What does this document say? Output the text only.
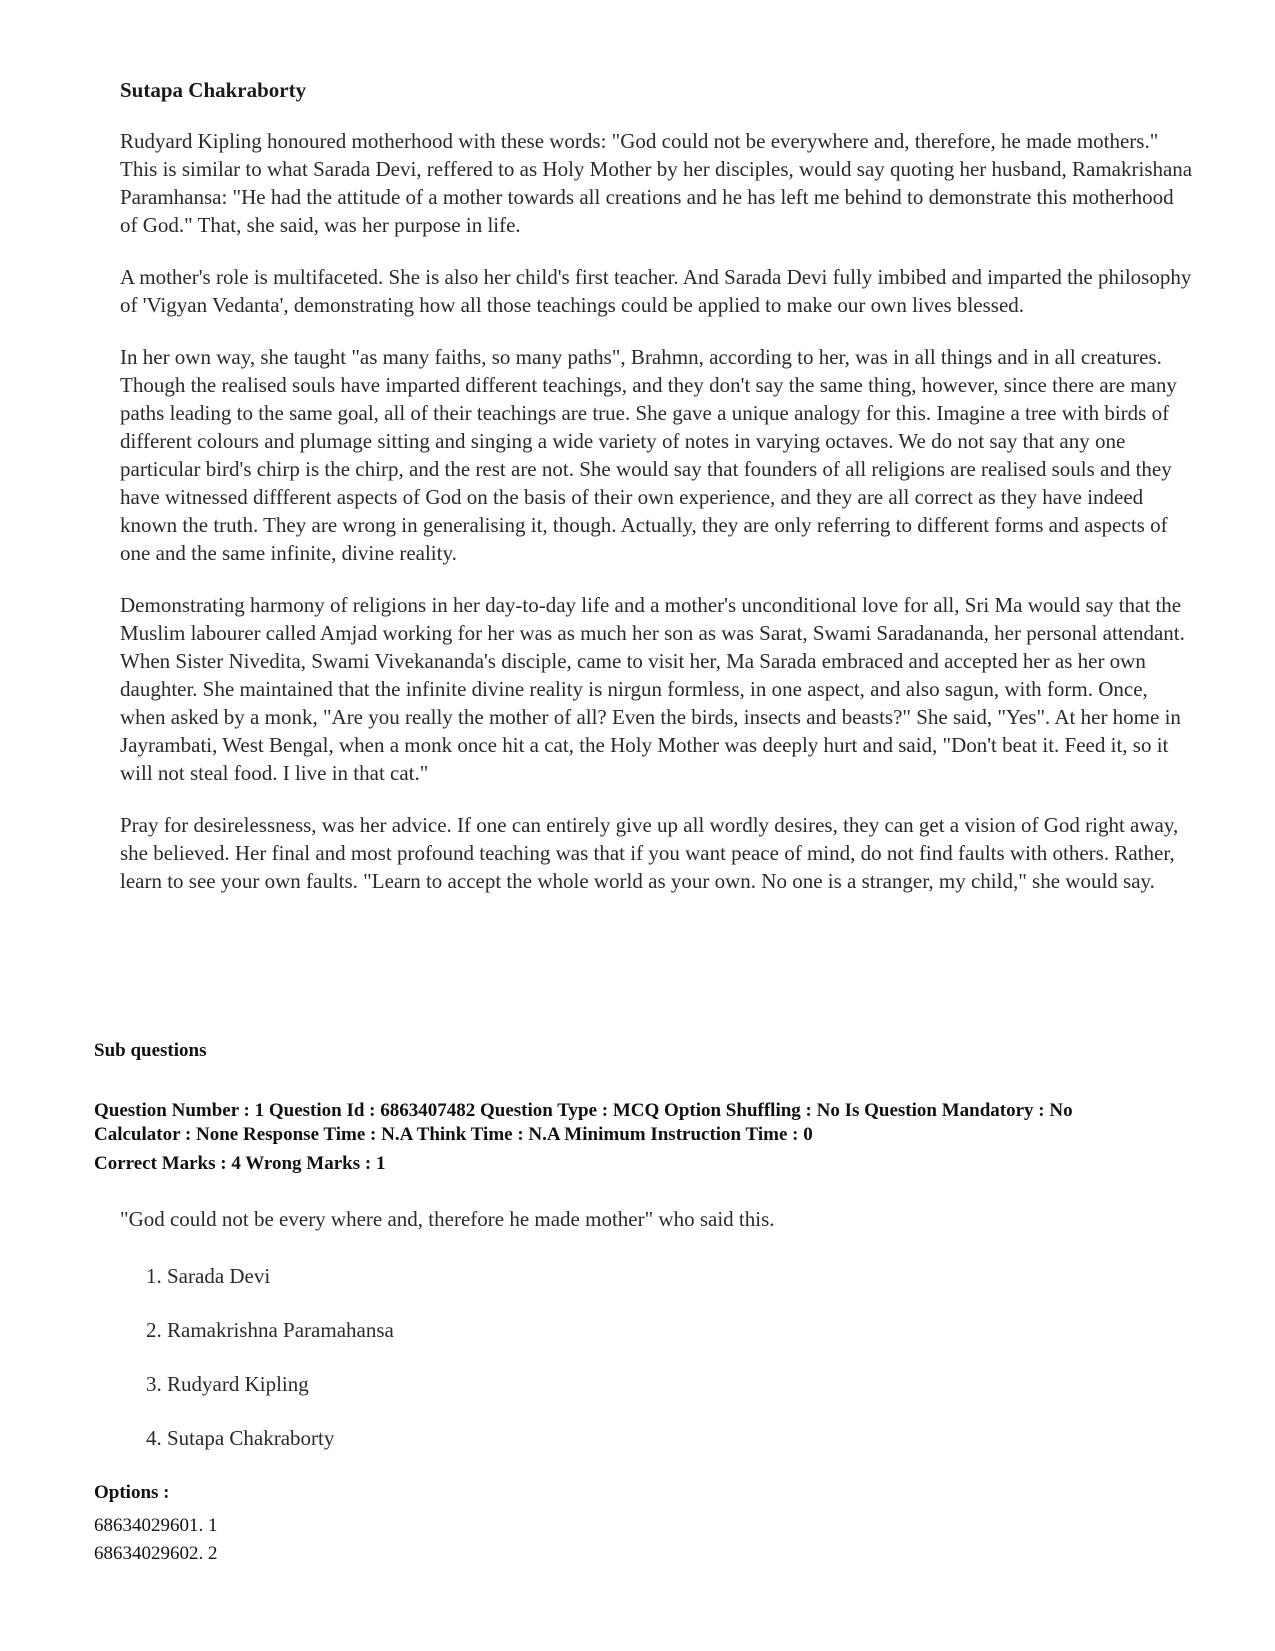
Sutapa Chakraborty

Rudyard Kipling honoured motherhood with these words: "God could not be everywhere and, therefore, he made mothers." This is similar to what Sarada Devi, reffered to as Holy Mother by her disciples, would say quoting her husband, Ramakrishana Paramhansa: "He had the attitude of a mother towards all creations and he has left me behind to demonstrate this motherhood of God." That, she said, was her purpose in life.

A mother's role is multifaceted. She is also her child's first teacher. And Sarada Devi fully imbibed and imparted the philosophy of 'Vigyan Vedanta', demonstrating how all those teachings could be applied to make our own lives blessed.

In her own way, she taught "as many faiths, so many paths", Brahmn, according to her, was in all things and in all creatures. Though the realised souls have imparted different teachings, and they don't say the same thing, however, since there are many paths leading to the same goal, all of their teachings are true. She gave a unique analogy for this. Imagine a tree with birds of different colours and plumage sitting and singing a wide variety of notes in varying octaves. We do not say that any one particular bird's chirp is the chirp, and the rest are not. She would say that founders of all religions are realised souls and they have witnessed diffferent aspects of God on the basis of their own experience, and they are all correct as they have indeed known the truth. They are wrong in generalising it, though. Actually, they are only referring to different forms and aspects of one and the same infinite, divine reality.

Demonstrating harmony of religions in her day-to-day life and a mother's unconditional love for all, Sri Ma would say that the Muslim labourer called Amjad working for her was as much her son as was Sarat, Swami Saradananda, her personal attendant. When Sister Nivedita, Swami Vivekananda's disciple, came to visit her, Ma Sarada embraced and accepted her as her own daughter. She maintained that the infinite divine reality is nirgun formless, in one aspect, and also sagun, with form. Once, when asked by a monk, "Are you really the mother of all? Even the birds, insects and beasts?" She said, "Yes". At her home in Jayrambati, West Bengal, when a monk once hit a cat, the Holy Mother was deeply hurt and said, "Don't beat it. Feed it, so it will not steal food. I live in that cat."

Pray for desirelessness, was her advice. If one can entirely give up all wordly desires, they can get a vision of God right away, she believed. Her final and most profound teaching was that if you want peace of mind, do not find faults with others. Rather, learn to see your own faults. "Learn to accept the whole world as your own. No one is a stranger, my child," she would say.

Sub questions
Question Number : 1 Question Id : 6863407482 Question Type : MCQ Option Shuffling : No Is Question Mandatory : No
Calculator : None Response Time : N.A Think Time : N.A Minimum Instruction Time : 0
Correct Marks : 4 Wrong Marks : 1
"God could not be every where and, therefore he made mother" who said this.
1. Sarada Devi
2. Ramakrishna Paramahansa
3. Rudyard Kipling
4. Sutapa Chakraborty
Options :
68634029601. 1
68634029602. 2
